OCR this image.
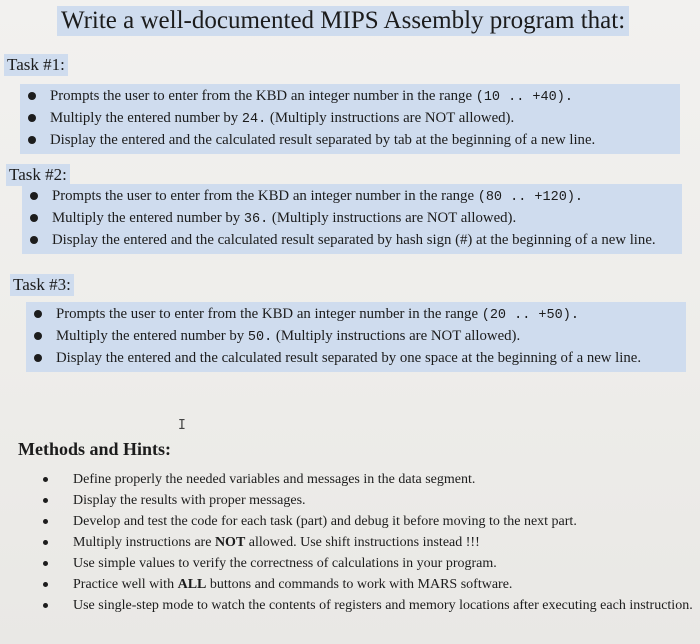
Write a well-documented MIPS Assembly program that:
Task #1:
Prompts the user to enter from the KBD an integer number in the range (10 .. +40).
Multiply the entered number by 24. (Multiply instructions are NOT allowed).
Display the entered and the calculated result separated by tab at the beginning of a new line.
Task #2:
Prompts the user to enter from the KBD an integer number in the range (80 .. +120).
Multiply the entered number by 36. (Multiply instructions are NOT allowed).
Display the entered and the calculated result separated by hash sign (#) at the beginning of a new line.
Task #3:
Prompts the user to enter from the KBD an integer number in the range (20 .. +50).
Multiply the entered number by 50. (Multiply instructions are NOT allowed).
Display the entered and the calculated result separated by one space at the beginning of a new line.
I
Methods and Hints:
Define properly the needed variables and messages in the data segment.
Display the results with proper messages.
Develop and test the code for each task (part) and debug it before moving to the next part.
Multiply instructions are NOT allowed. Use shift instructions instead !!!
Use simple values to verify the correctness of calculations in your program.
Practice well with ALL buttons and commands to work with MARS software.
Use single-step mode to watch the contents of registers and memory locations after executing each instruction.
